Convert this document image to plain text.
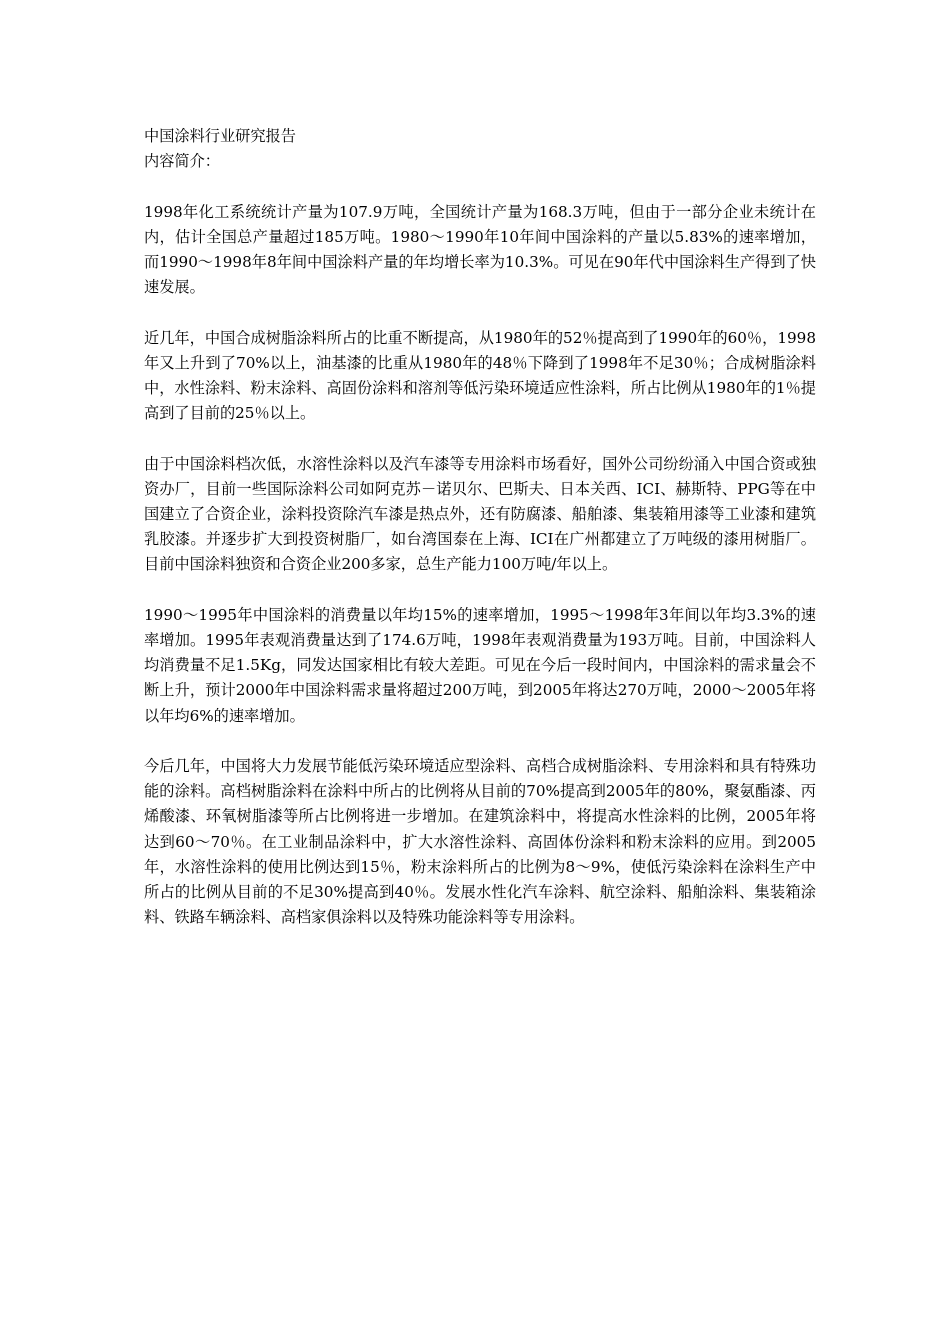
中国涂料行业研究报告

内容简介：

1998年化工系统统计产量为107.9万吨，全国统计产量为168.3万吨，但由于一部分企业未统计在内，估计全国总产量超过185万吨。1980～1990年10年间中国涂料的产量以5.83%的速率增加，而1990～1998年8年间中国涂料产量的年均增长率为10.3%。可见在90年代中国涂料生产得到了快速发展。

近几年，中国合成树脂涂料所占的比重不断提高，从1980年的52％提高到了1990年的60％，1998年又上升到了70%以上，油基漆的比重从1980年的48％下降到了1998年不足30％；合成树脂涂料中，水性涂料、粉末涂料、高固份涂料和溶剂等低污染环境适应性涂料，所占比例从1980年的1％提高到了目前的25％以上。

由于中国涂料档次低，水溶性涂料以及汽车漆等专用涂料市场看好，国外公司纷纷涌入中国合资或独资办厂，目前一些国际涂料公司如阿克苏－诺贝尔、巴斯夫、日本关西、ICI、赫斯特、PPG等在中国建立了合资企业，涂料投资除汽车漆是热点外，还有防腐漆、船舶漆、集装箱用漆等工业漆和建筑乳胶漆。并逐步扩大到投资树脂厂，如台湾国泰在上海、ICI在广州都建立了万吨级的漆用树脂厂。目前中国涂料独资和合资企业200多家，总生产能力100万吨/年以上。

1990～1995年中国涂料的消费量以年均15%的速率增加，1995～1998年3年间以年均3.3%的速率增加。1995年表观消费量达到了174.6万吨，1998年表观消费量为193万吨。目前，中国涂料人均消费量不足1.5Kg，同发达国家相比有较大差距。可见在今后一段时间内，中国涂料的需求量会不断上升，预计2000年中国涂料需求量将超过200万吨，到2005年将达270万吨，2000～2005年将以年均6%的速率增加。

今后几年，中国将大力发展节能低污染环境适应型涂料、高档合成树脂涂料、专用涂料和具有特殊功能的涂料。高档树脂涂料在涂料中所占的比例将从目前的70%提高到2005年的80%，聚氨酯漆、丙烯酸漆、环氧树脂漆等所占比例将进一步增加。在建筑涂料中，将提高水性涂料的比例，2005年将达到60～70％。在工业制品涂料中，扩大水溶性涂料、高固体份涂料和粉末涂料的应用。到2005年，水溶性涂料的使用比例达到15％，粉末涂料所占的比例为8～9%，使低污染涂料在涂料生产中所占的比例从目前的不足30%提高到40％。发展水性化汽车涂料、航空涂料、船舶涂料、集装箱涂料、铁路车辆涂料、高档家俱涂料以及特殊功能涂料等专用涂料。
